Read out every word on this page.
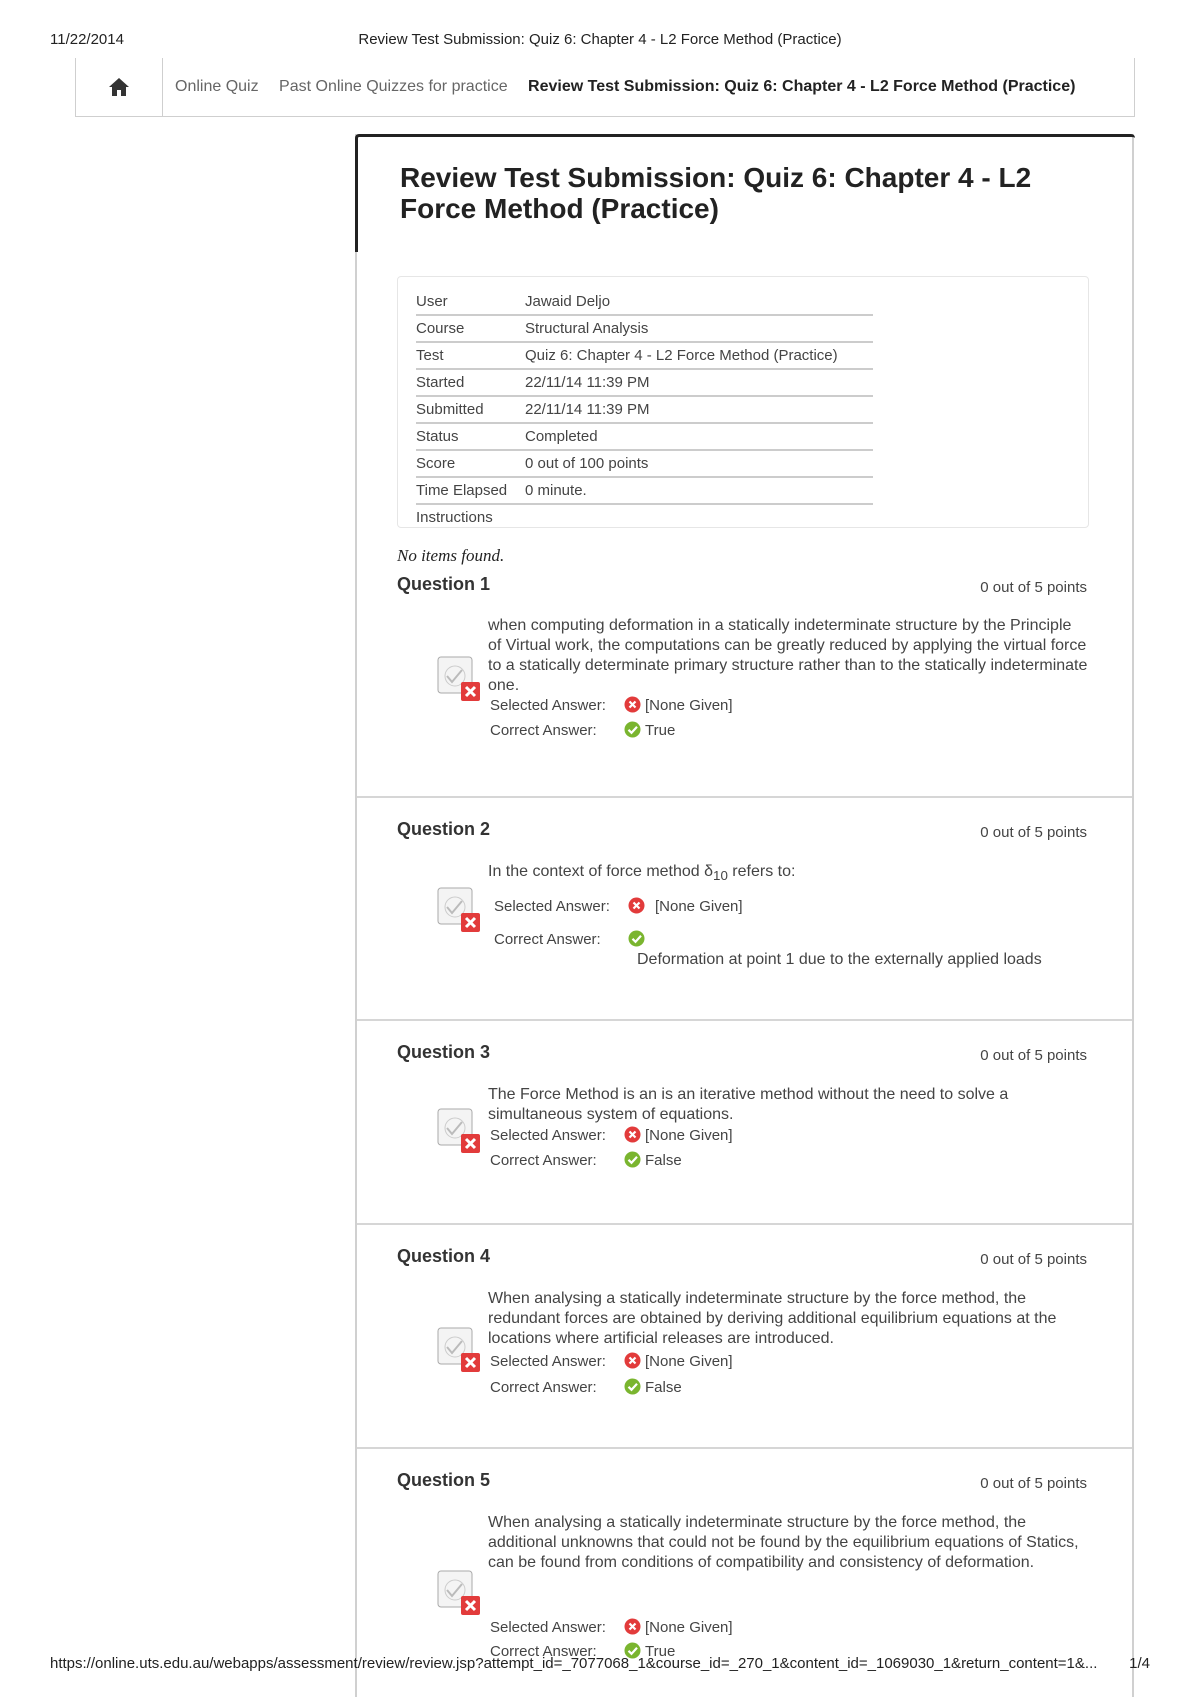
11/22/2014	Review Test Submission: Quiz 6: Chapter 4 - L2 Force Method (Practice)
Online Quiz Past Online Quizzes for practice Review Test Submission: Quiz 6: Chapter 4 - L2 Force Method (Practice)
Review Test Submission: Quiz 6: Chapter 4 - L2 Force Method (Practice)
User	Jawaid Deljo
Course	Structural Analysis
Test	Quiz 6: Chapter 4 - L2 Force Method (Practice)
Started	22/11/14 11:39 PM
Submitted	22/11/14 11:39 PM
Status	Completed
Score	0 out of 100 points
Time Elapsed	0 minute.
Instructions	
No items found.
Question 1	0 out of 5 points
when computing deformation in a statically indeterminate structure by the Principle of Virtual work, the computations can be greatly reduced by applying the virtual force to a statically determinate primary structure rather than to the statically indeterminate one.
Selected Answer:	[None Given]
Correct Answer:	True
Question 2	0 out of 5 points
In the context of force method $\delta_{10}$ refers to:
Selected Answer:	[None Given]
Correct Answer:
Deformation at point 1 due to the externally applied loads
Question 3	0 out of 5 points
The Force Method is an is an iterative method without the need to solve a simultaneous system of equations.
Selected Answer:	[None Given]
Correct Answer:	False
Question 4	0 out of 5 points
When analysing a statically indeterminate structure by the force method, the redundant forces are obtained by deriving additional equilibrium equations at the locations where artificial releases are introduced.
Selected Answer:	[None Given]
Correct Answer:	False
Question 5	0 out of 5 points
When analysing a statically indeterminate structure by the force method, the additional unknowns that could not be found by the equilibrium equations of Statics, can be found from conditions of compatibility and consistency of deformation.
Selected Answer:	[None Given]
Correct Answer:	True
https://online.uts.edu.au/webapps/assessment/review/review.jsp?attempt_id=_7077068_1&course_id=_270_1&content_id=_1069030_1&return_content=1&...	1/4
